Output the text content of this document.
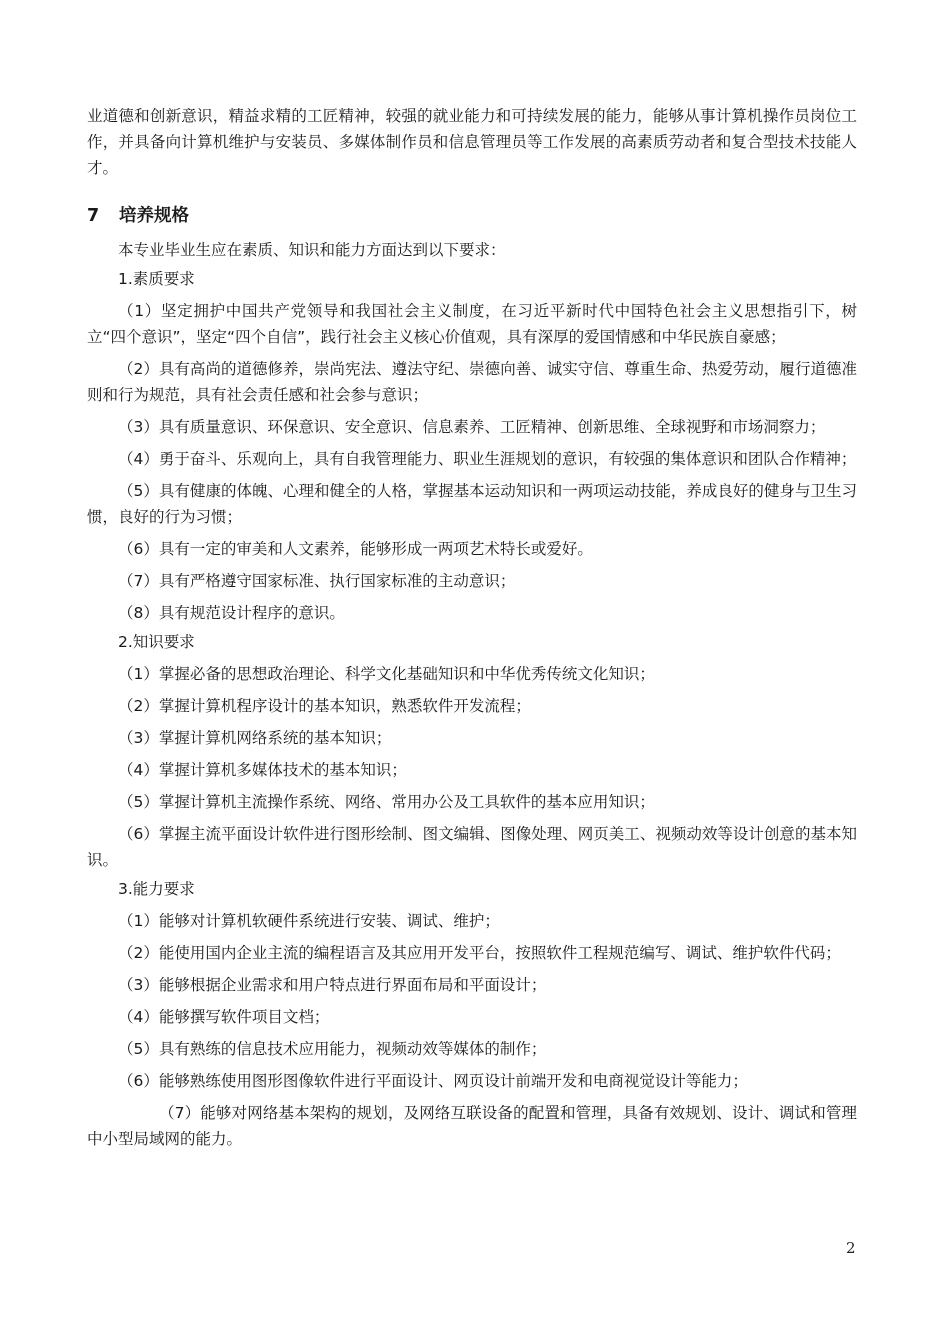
业道德和创新意识，精益求精的工匠精神，较强的就业能力和可持续发展的能力，能够从事计算机操作员岗位工作，并具备向计算机维护与安装员、多媒体制作员和信息管理员等工作发展的高素质劳动者和复合型技术技能人才。

7 培养规格

本专业毕业生应在素质、知识和能力方面达到以下要求：

1.素质要求

（1）坚定拥护中国共产党领导和我国社会主义制度，在习近平新时代中国特色社会主义思想指引下，树立“四个意识”，坚定“四个自信”，践行社会主义核心价值观，具有深厚的爱国情感和中华民族自豪感；

（2）具有高尚的道德修养，崇尚宪法、遵法守纪、崇德向善、诚实守信、尊重生命、热爱劳动，履行道德准则和行为规范，具有社会责任感和社会参与意识；

（3）具有质量意识、环保意识、安全意识、信息素养、工匠精神、创新思维、全球视野和市场洞察力；

（4）勇于奋斗、乐观向上，具有自我管理能力、职业生涯规划的意识，有较强的集体意识和团队合作精神；

（5）具有健康的体魄、心理和健全的人格，掌握基本运动知识和一两项运动技能，养成良好的健身与卫生习惯，良好的行为习惯；

（6）具有一定的审美和人文素养，能够形成一两项艺术特长或爱好。

（7）具有严格遵守国家标准、执行国家标准的主动意识；

（8）具有规范设计程序的意识。

2.知识要求

（1）掌握必备的思想政治理论、科学文化基础知识和中华优秀传统文化知识；

（2）掌握计算机程序设计的基本知识，熟悉软件开发流程；

（3）掌握计算机网络系统的基本知识；

（4）掌握计算机多媒体技术的基本知识；

（5）掌握计算机主流操作系统、网络、常用办公及工具软件的基本应用知识；

（6）掌握主流平面设计软件进行图形绘制、图文编辑、图像处理、网页美工、视频动效等设计创意的基本知识。

3.能力要求

（1）能够对计算机软硬件系统进行安装、调试、维护；

（2）能使用国内企业主流的编程语言及其应用开发平台，按照软件工程规范编写、调试、维护软件代码；

（3）能够根据企业需求和用户特点进行界面布局和平面设计；

（4）能够撰写软件项目文档；

（5）具有熟练的信息技术应用能力，视频动效等媒体的制作；

（6）能够熟练使用图形图像软件进行平面设计、网页设计前端开发和电商视觉设计等能力；

（7）能够对网络基本架构的规划，及网络互联设备的配置和管理，具备有效规划、设计、调试和管理中小型局域网的能力。

2
